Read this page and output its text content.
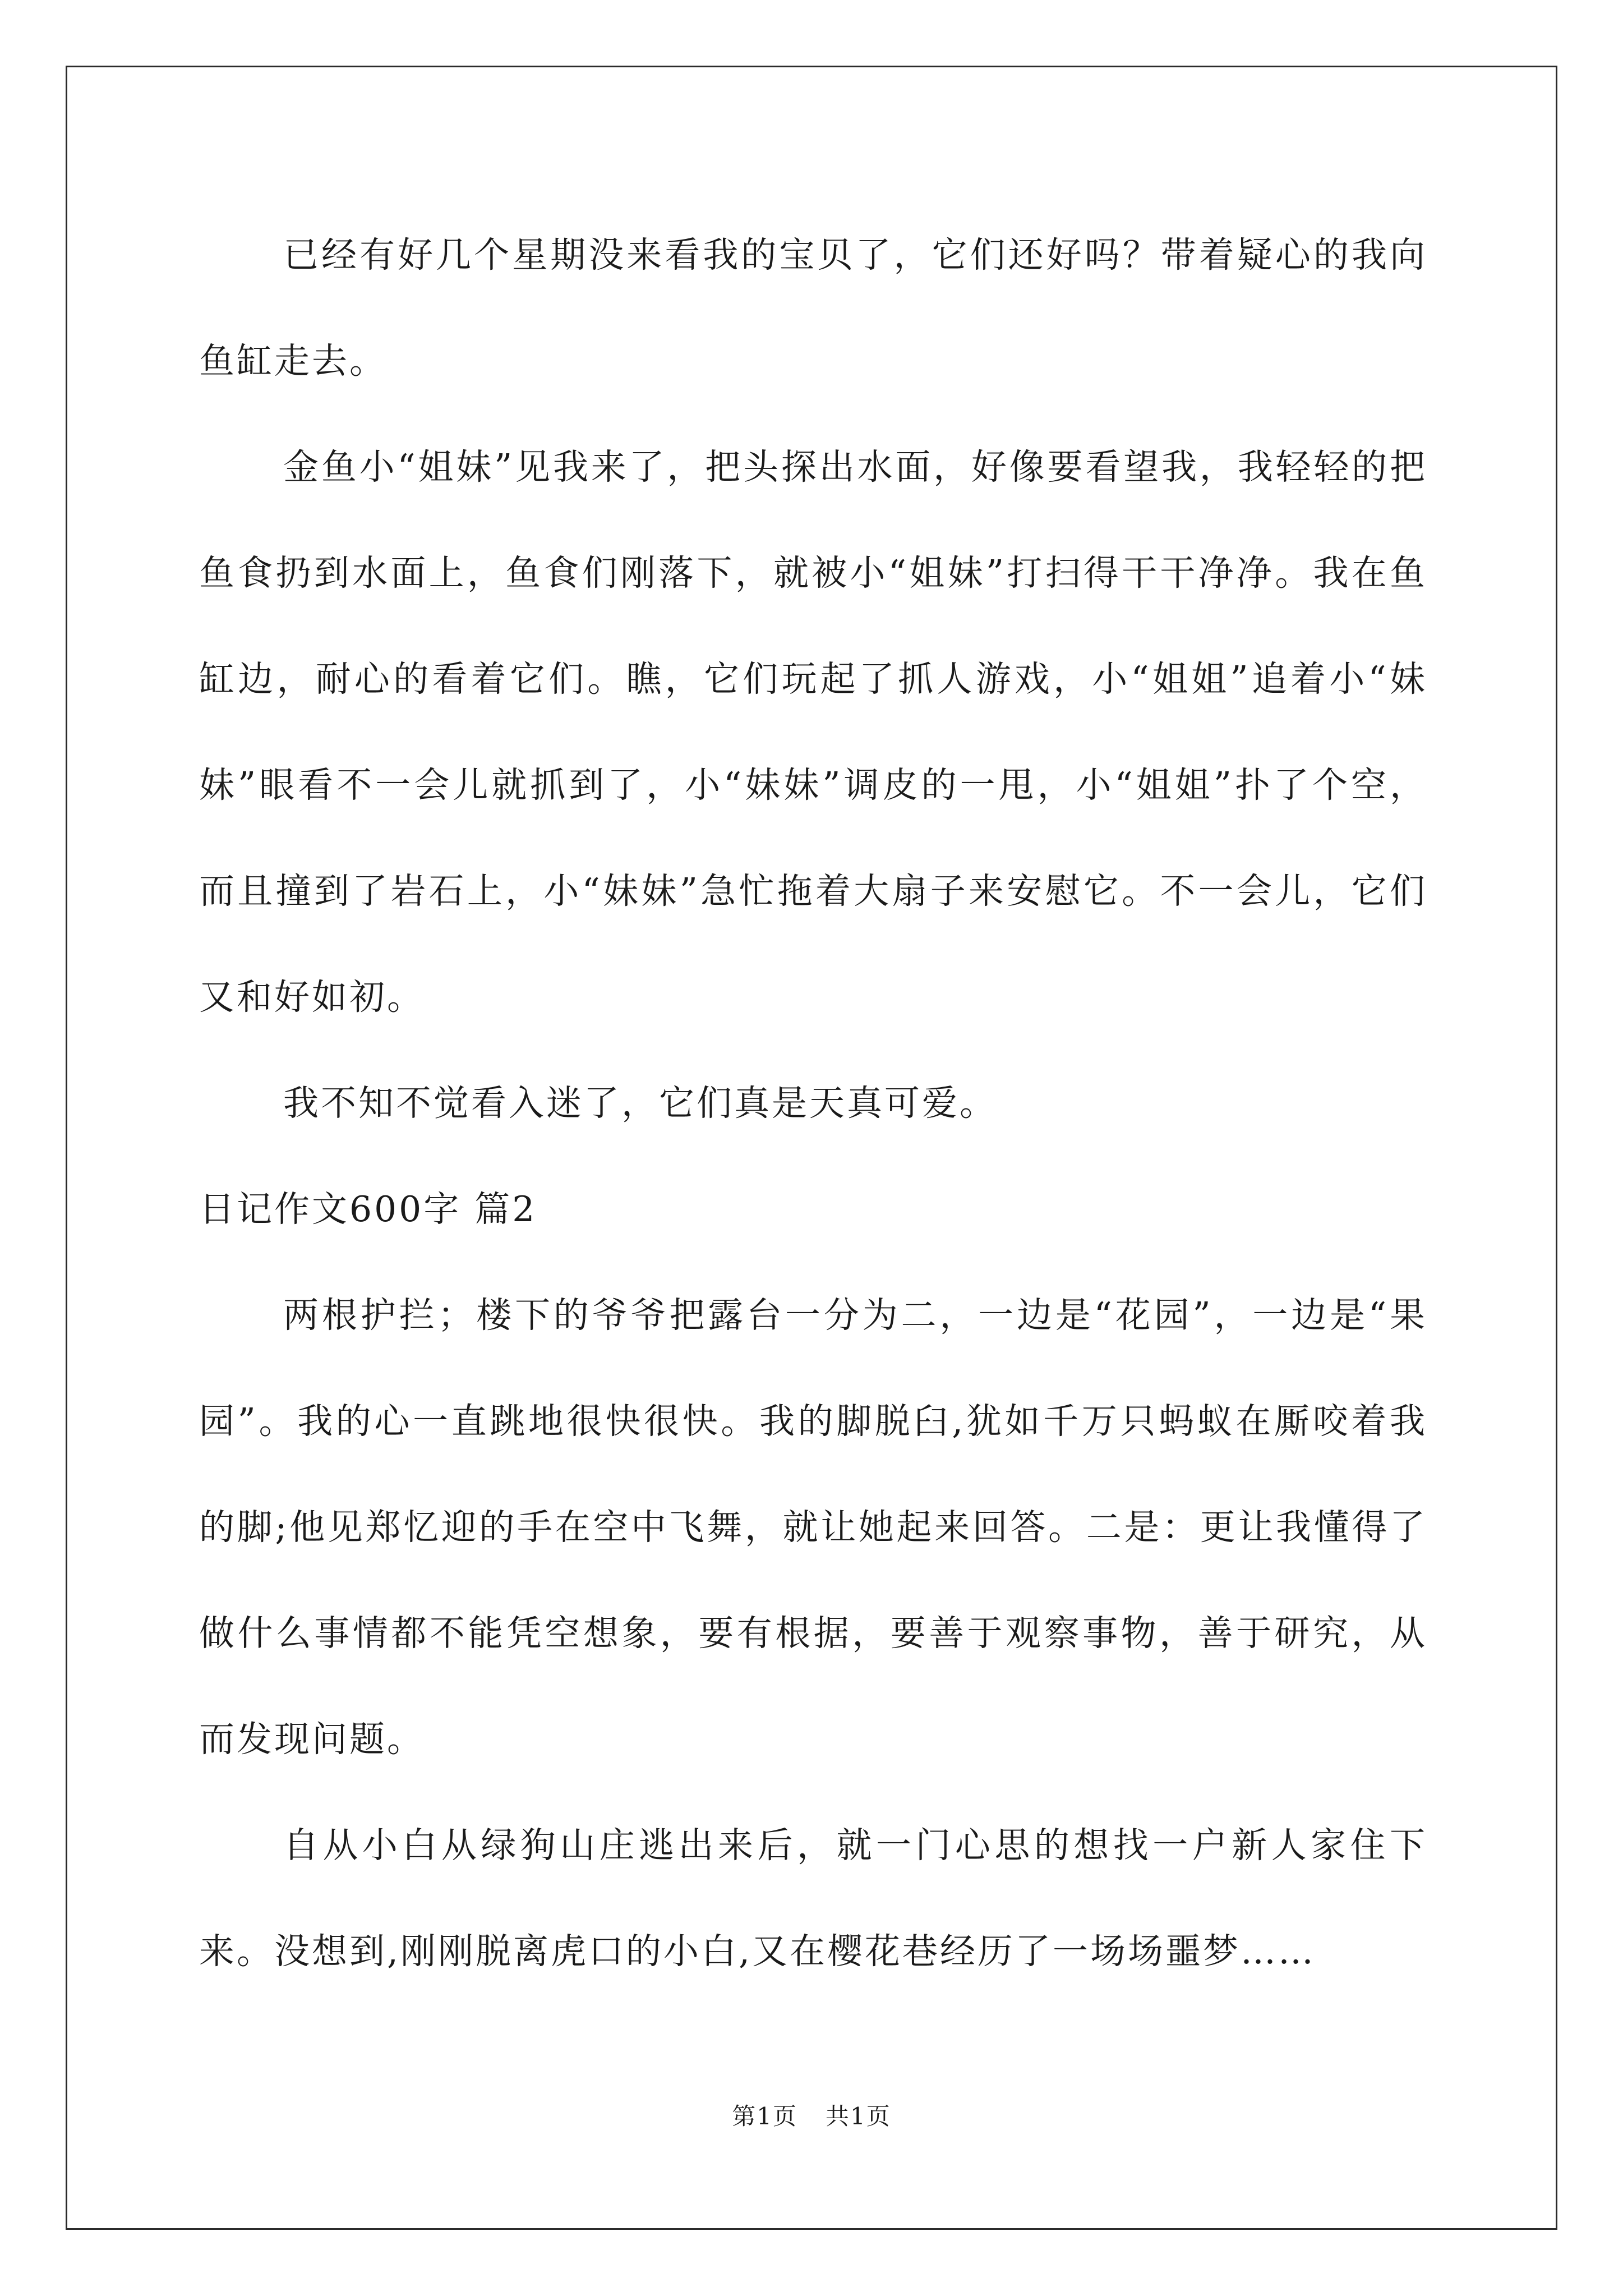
已经有好几个星期没来看我的宝贝了，它们还好吗？带着疑心的我向鱼缸走去。

金鱼小“姐妹”见我来了，把头探出水面，好像要看望我，我轻轻的把鱼食扔到水面上，鱼食们刚落下，就被小“姐妹”打扫得干干净净。我在鱼缸边，耐心的看着它们。瞧，它们玩起了抓人游戏，小“姐姐”追着小“妹妹”眼看不一会儿就抓到了，小“妹妹”调皮的一甩，小“姐姐”扑了个空，而且撞到了岩石上，小“妹妹”急忙拖着大扇子来安慰它。不一会儿，它们又和好如初。

我不知不觉看入迷了，它们真是天真可爱。

日记作文600字 篇2

两根护拦；楼下的爷爷把露台一分为二，一边是“花园”，一边是“果园”。我的心一直跳地很快很快。我的脚脱臼,犹如千万只蚂蚁在厮咬着我的脚;他见郑忆迎的手在空中飞舞，就让她起来回答。二是：更让我懂得了做什么事情都不能凭空想象，要有根据，要善于观察事物，善于研究，从而发现问题。

自从小白从绿狗山庄逃出来后，就一门心思的想找一户新人家住下来。没想到,刚刚脱离虎口的小白,又在樱花巷经历了一场场噩梦……

第1页 共1页
